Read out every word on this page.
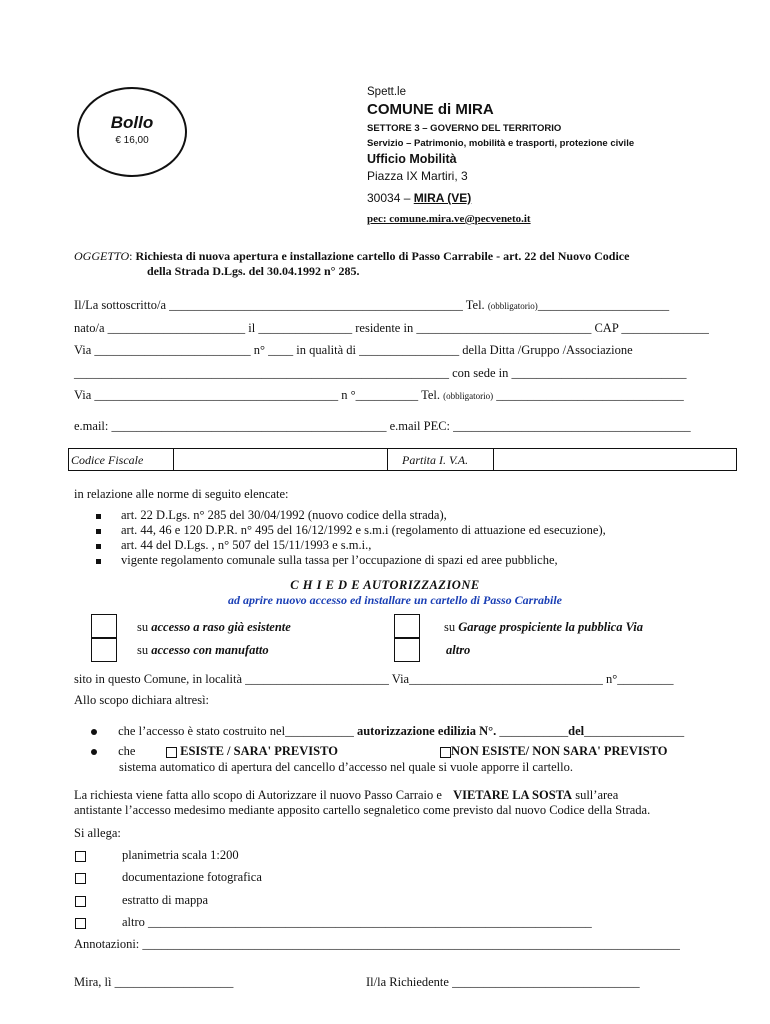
Bollo
€ 16,00
Spett.le
COMUNE di MIRA
SETTORE 3 – GOVERNO DEL TERRITORIO
Servizio – Patrimonio, mobilità e trasporti, protezione civile
Ufficio Mobilità
Piazza IX Martiri, 3
30034 – MIRA (VE)
pec: comune.mira.ve@pecveneto.it
OGGETTO: Richiesta di nuova apertura e installazione cartello di Passo Carrabile - art. 22 del Nuovo Codice
della Strada D.Lgs. del 30.04.1992 n° 285.
Il/La sottoscritto/a _______________________________________________ Tel. (obbligatorio)_____________________
nato/a ______________________ il _______________ residente in ____________________________ CAP ______________
Via _________________________ n° ____ in qualità di ________________ della Ditta /Gruppo /Associazione
____________________________________________________________ con sede in ____________________________
Via _______________________________________ n °__________ Tel. (obbligatorio) ______________________________
e.mail: ____________________________________________ e.mail PEC: ______________________________________
Codice Fiscale	Partita I. V.A.
in relazione alle norme di seguito elencate:
art. 22 D.Lgs. n° 285 del 30/04/1992 (nuovo codice della strada),
art. 44, 46 e 120 D.P.R. n° 495 del 16/12/1992 e s.m.i (regolamento di attuazione ed esecuzione),
art. 44 del D.Lgs. , n° 507 del 15/11/1993 e s.m.i.,
vigente regolamento comunale sulla tassa per l’occupazione di spazi ed aree pubbliche,
C H I E D E AUTORIZZAZIONE
ad aprire nuovo accesso ed installare un cartello di Passo Carrabile
su accesso a raso già esistente
su accesso con manufatto
su Garage prospiciente la pubblica Via
altro
sito in questo Comune, in località _______________________ Via_______________________________ n°_________
Allo scopo dichiara altresì:
che l’accesso è stato costruito nel___________ autorizzazione edilizia N°. ___________del________________
che	ESISTE / SARA' PREVISTO	NON ESISTE/ NON SARA' PREVISTO
sistema automatico di apertura del cancello d’accesso nel quale si vuole apporre il cartello.
La richiesta viene fatta allo scopo di Autorizzare il nuovo Passo Carraio e VIETARE LA SOSTA sull’area
antistante l’accesso medesimo mediante apposito cartello segnaletico come previsto dal nuovo Codice della Strada.
Si allega:
planimetria scala 1:200
documentazione fotografica
estratto di mappa
altro _______________________________________________________________________
Annotazioni: ______________________________________________________________________________________
Mira, lì ___________________	Il/la Richiedente ______________________________
